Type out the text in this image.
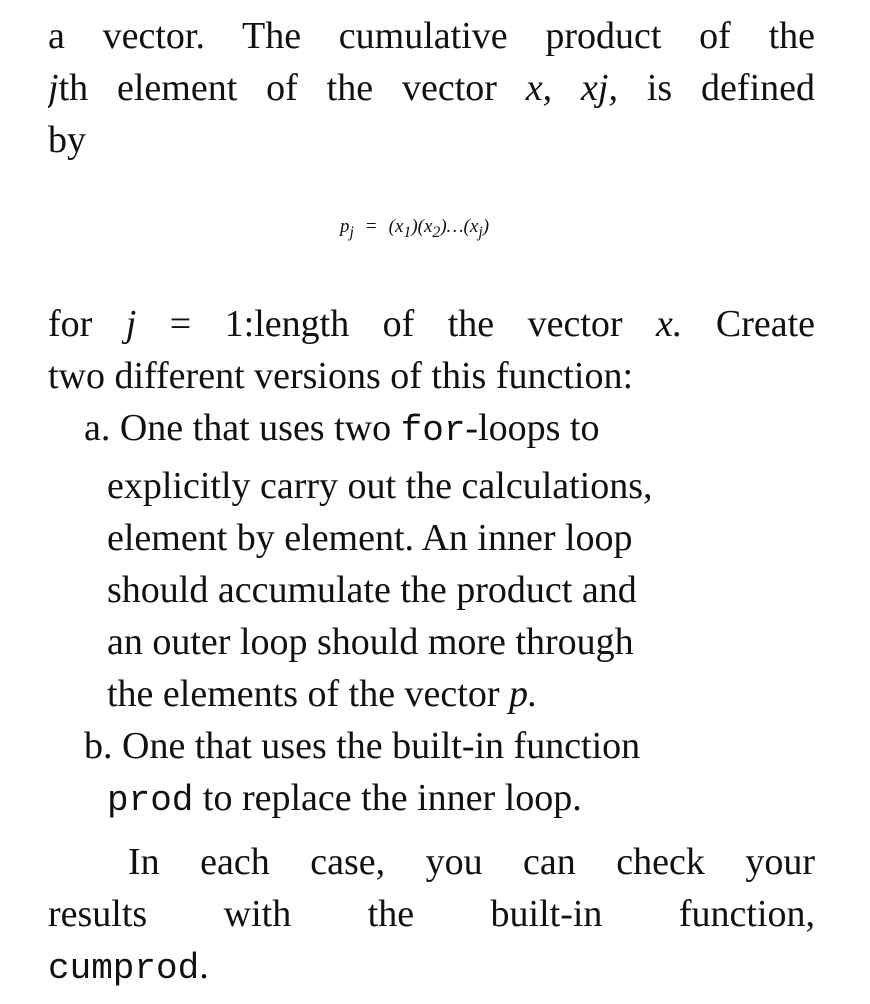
a vector. The cumulative product of the
jth element of the vector x, xj, is defined
by
$p_j$ = $(x_1)(x_2)\dots(x_j)$
for j = 1:length of the vector x. Create
two different versions of this function:
a. One that uses two for-loops to
explicitly carry out the calculations,
element by element. An inner loop
should accumulate the product and
an outer loop should more through
the elements of the vector p.
b. One that uses the built-in function
prod to replace the inner loop.
In each case, you can check your
results with the built-in function,
cumprod.
